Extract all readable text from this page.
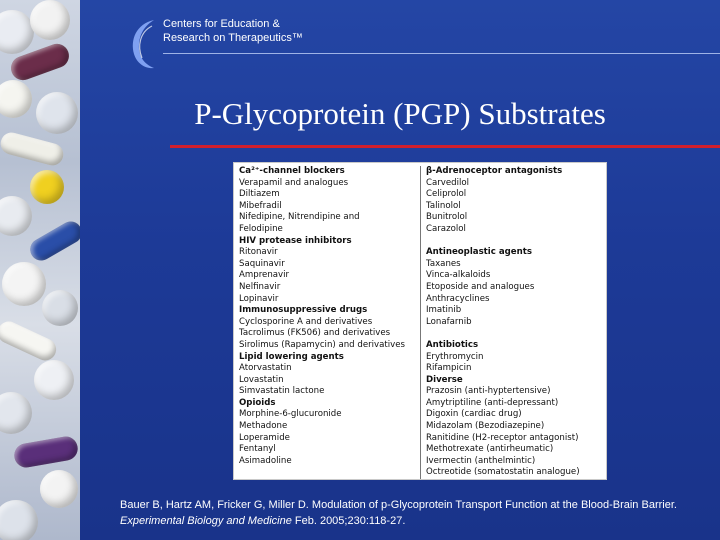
Centers for Education &
Research on Therapeutics™
P-Glycoprotein (PGP) Substrates
Ca²⁺-channel blockers
Verapamil and analogues
Diltiazem
Mibefradil
Nifedipine, Nitrendipine and
Felodipine
HIV protease inhibitors
Ritonavir
Saquinavir
Amprenavir
Nelfinavir
Lopinavir
Immunosuppressive drugs
Cyclosporine A and derivatives
Tacrolimus (FK506) and derivatives
Sirolimus (Rapamycin) and derivatives
Lipid lowering agents
Atorvastatin
Lovastatin
Simvastatin lactone
Opioids
Morphine-6-glucuronide
Methadone
Loperamide
Fentanyl
Asimadoline
β-Adrenoceptor antagonists
Carvedilol
Celiprolol
Talinolol
Bunitrolol
Carazolol
Antineoplastic agents
Taxanes
Vinca-alkaloids
Etoposide and analogues
Anthracyclines
Imatinib
Lonafarnib
Antibiotics
Erythromycin
Rifampicin
Diverse
Prazosin (anti-hyptertensive)
Amytriptiline (anti-depressant)
Digoxin (cardiac drug)
Midazolam (Bezodiazepine)
Ranitidine (H2-receptor antagonist)
Methotrexate (antirheumatic)
Ivermectin (anthelmintic)
Octreotide (somatostatin analogue)
Bauer B, Hartz AM, Fricker G, Miller D. Modulation of p-Glycoprotein Transport Function at the Blood-Brain Barrier. Experimental Biology and Medicine Feb. 2005;230:118-27.
